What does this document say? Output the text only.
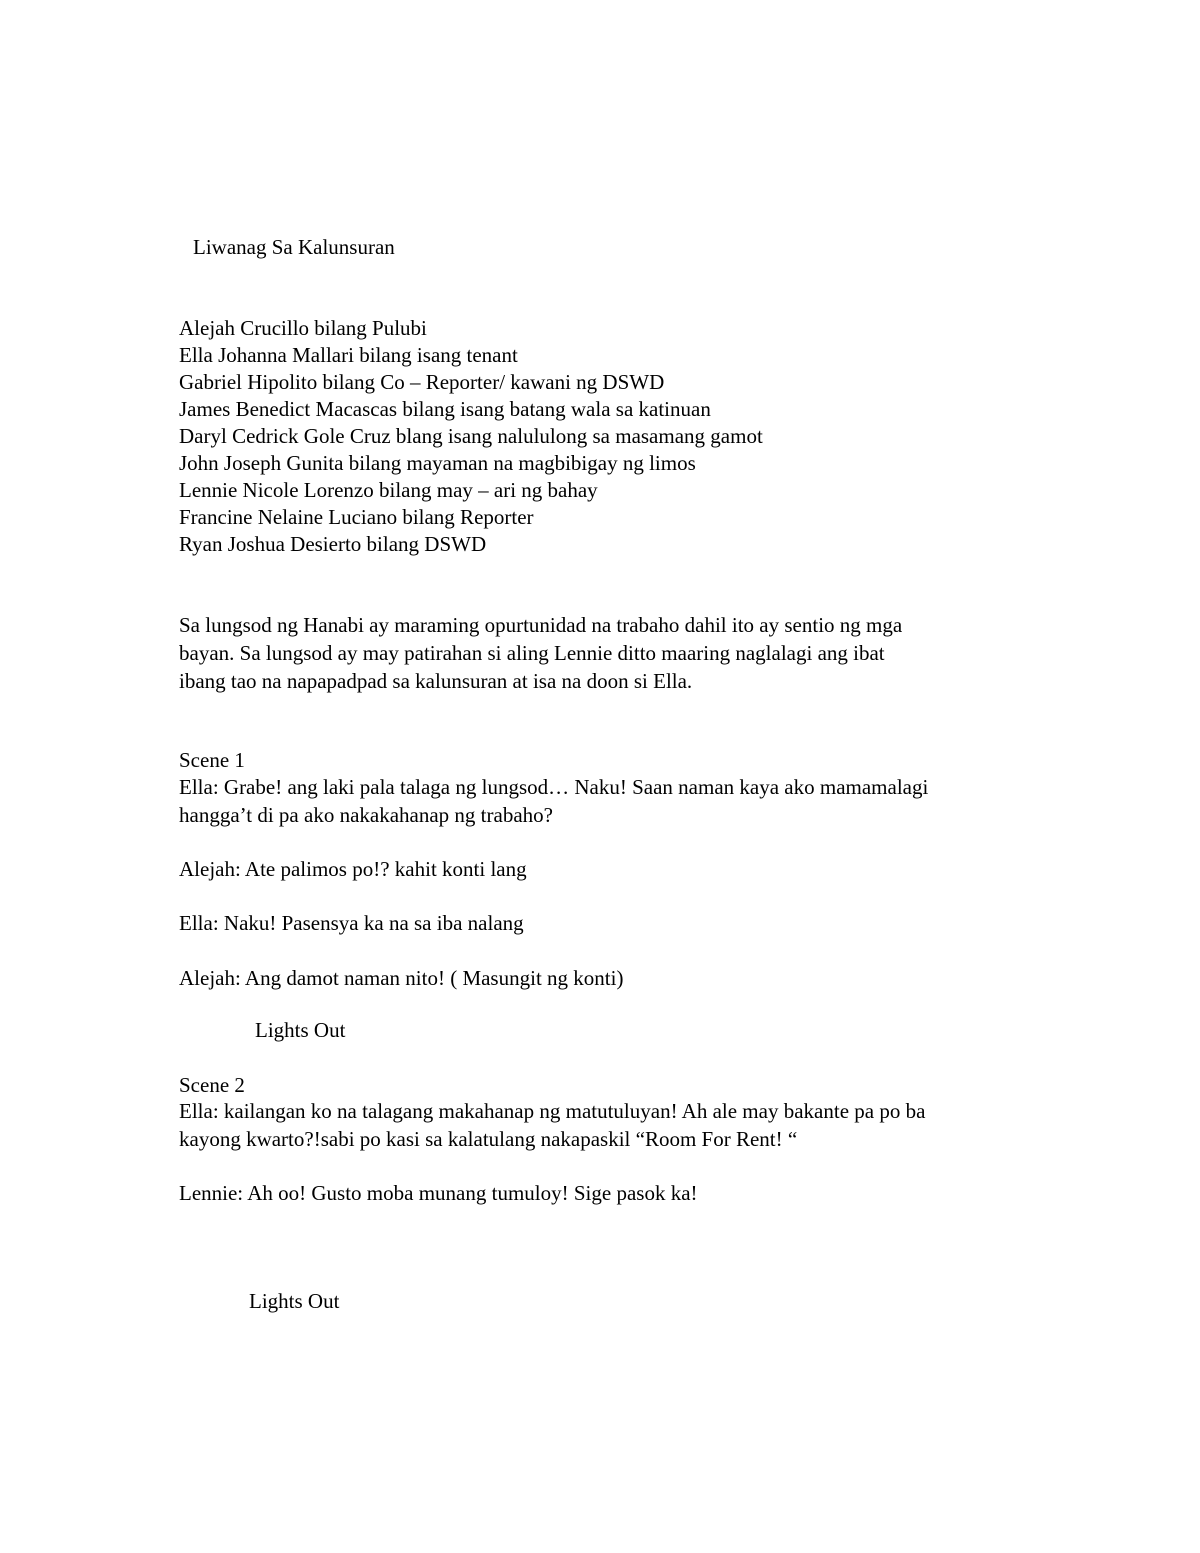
Liwanag Sa Kalunsuran
Alejah Crucillo bilang Pulubi
Ella Johanna Mallari bilang isang tenant
Gabriel Hipolito bilang Co – Reporter/ kawani ng DSWD
James Benedict Macascas bilang isang batang wala sa katinuan
Daryl Cedrick Gole Cruz blang isang nalululong sa masamang gamot
John Joseph Gunita bilang mayaman na magbibigay ng limos
Lennie Nicole Lorenzo bilang may – ari ng bahay
Francine Nelaine Luciano bilang Reporter
Ryan Joshua Desierto bilang DSWD
Sa lungsod ng Hanabi ay maraming opurtunidad na trabaho dahil ito ay sentio ng mga
bayan. Sa lungsod ay may patirahan si aling Lennie ditto maaring naglalagi ang ibat
ibang tao na napapadpad sa kalunsuran at isa na doon si Ella.
Scene 1
Ella: Grabe! ang laki pala talaga ng lungsod… Naku! Saan naman kaya ako mamamalagi
hangga’t di pa ako nakakahanap ng trabaho?
Alejah: Ate palimos po!? kahit konti lang
Ella: Naku! Pasensya ka na sa iba nalang
Alejah: Ang damot naman nito! ( Masungit ng konti)
Lights Out
Scene 2
Ella: kailangan ko na talagang makahanap ng matutuluyan! Ah ale may bakante pa po ba
kayong kwarto?!sabi po kasi sa kalatulang nakapaskil “Room For Rent! “
Lennie: Ah oo! Gusto moba munang tumuloy! Sige pasok ka!
Lights Out
